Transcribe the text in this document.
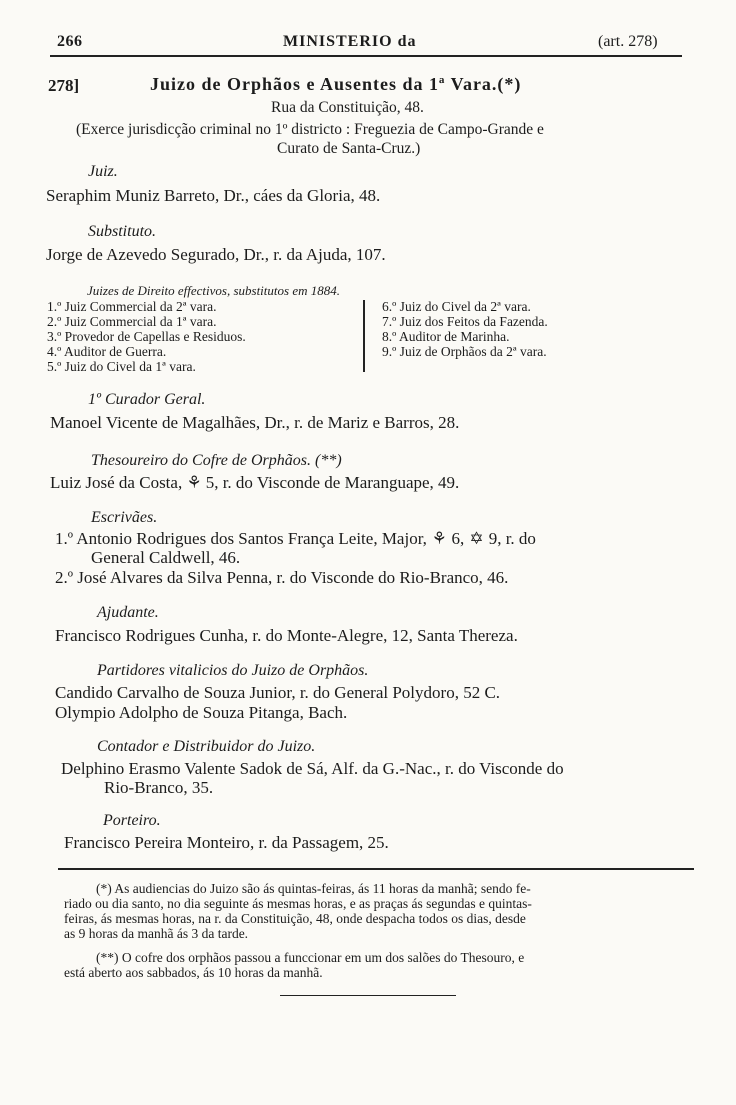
266	MINISTERIO da	(art. 278)
278]	Juizo de Orphãos e Ausentes da 1ª Vara.(*)
Rua da Constituição, 48.
(Exerce jurisdicção criminal no 1º districto : Freguezia de Campo-Grande e
Curato de Santa-Cruz.)
Juiz.
Seraphim Muniz Barreto, Dr., cáes da Gloria, 48.
Substituto.
Jorge de Azevedo Segurado, Dr., r. da Ajuda, 107.
Juizes de Direito effectivos, substitutos em 1884.
1.º Juiz Commercial da 2ª vara.
2.º Juiz Commercial da 1ª vara.
3.º Provedor de Capellas e Residuos.
4.º Auditor de Guerra.
5.º Juiz do Civel da 1ª vara.
6.º Juiz do Civel da 2ª vara.
7.º Juiz dos Feitos da Fazenda.
8.º Auditor de Marinha.
9.º Juiz de Orphãos da 2ª vara.
1º Curador Geral.
Manoel Vicente de Magalhães, Dr., r. de Mariz e Barros, 28.
Thesoureiro do Cofre de Orphãos. (**)
Luiz José da Costa, ⚘ 5, r. do Visconde de Maranguape, 49.
Escrivães.
1.º Antonio Rodrigues dos Santos França Leite, Major, ⚘ 6, ✡ 9, r. do
General Caldwell, 46.
2.º José Alvares da Silva Penna, r. do Visconde do Rio-Branco, 46.
Ajudante.
Francisco Rodrigues Cunha, r. do Monte-Alegre, 12, Santa Thereza.
Partidores vitalicios do Juizo de Orphãos.
Candido Carvalho de Souza Junior, r. do General Polydoro, 52 C.
Olympio Adolpho de Souza Pitanga, Bach.
Contador e Distribuidor do Juizo.
Delphino Erasmo Valente Sadok de Sá, Alf. da G.-Nac., r. do Visconde do
Rio-Branco, 35.
Porteiro.
Francisco Pereira Monteiro, r. da Passagem, 25.
(*) As audiencias do Juizo são ás quintas-feiras, ás 11 horas da manhã; sendo fe-
riado ou dia santo, no dia seguinte ás mesmas horas, e as praças ás segundas e quintas-
feiras, ás mesmas horas, na r. da Constituição, 48, onde despacha todos os dias, desde
as 9 horas da manhã ás 3 da tarde.
(**) O cofre dos orphãos passou a funccionar em um dos salões do Thesouro, e
está aberto aos sabbados, ás 10 horas da manhã.
